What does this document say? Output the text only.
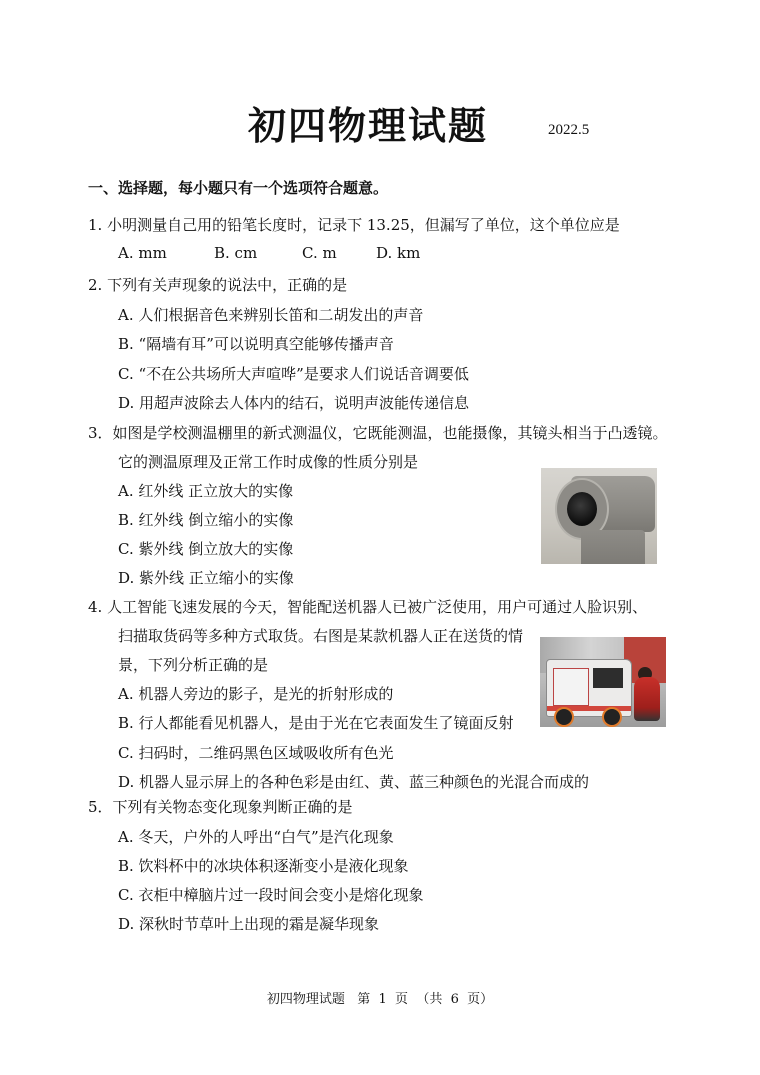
初四物理试题	2022.5
一、选择题，每小题只有一个选项符合题意。
1. 小明测量自己用的铅笔长度时，记录下 13.25，但漏写了单位，这个单位应是
A. mm	B. cm	C. m	D. km
2. 下列有关声现象的说法中，正确的是
A. 人们根据音色来辨别长笛和二胡发出的声音
B. “隔墙有耳”可以说明真空能够传播声音
C. “不在公共场所大声喧哗”是要求人们说话音调要低
D. 用超声波除去人体内的结石，说明声波能传递信息
3．如图是学校测温棚里的新式测温仪，它既能测温，也能摄像，其镜头相当于凸透镜。
它的测温原理及正常工作时成像的性质分别是
A. 红外线 正立放大的实像
B. 红外线 倒立缩小的实像
C. 紫外线 倒立放大的实像
D. 紫外线 正立缩小的实像
4. 人工智能飞速发展的今天，智能配送机器人已被广泛使用，用户可通过人脸识别、
扫描取货码等多种方式取货。右图是某款机器人正在送货的情
景，下列分析正确的是
A. 机器人旁边的影子，是光的折射形成的
B. 行人都能看见机器人，是由于光在它表面发生了镜面反射
C. 扫码时，二维码黑色区域吸收所有色光
D. 机器人显示屏上的各种色彩是由红、黄、蓝三种颜色的光混合而成的
5．下列有关物态变化现象判断正确的是
A. 冬天，户外的人呼出“白气”是汽化现象
B. 饮料杯中的冰块体积逐渐变小是液化现象
C. 衣柜中樟脑片过一段时间会变小是熔化现象
D. 深秋时节草叶上出现的霜是凝华现象
初四物理试题   第  1  页  （共  6  页）
